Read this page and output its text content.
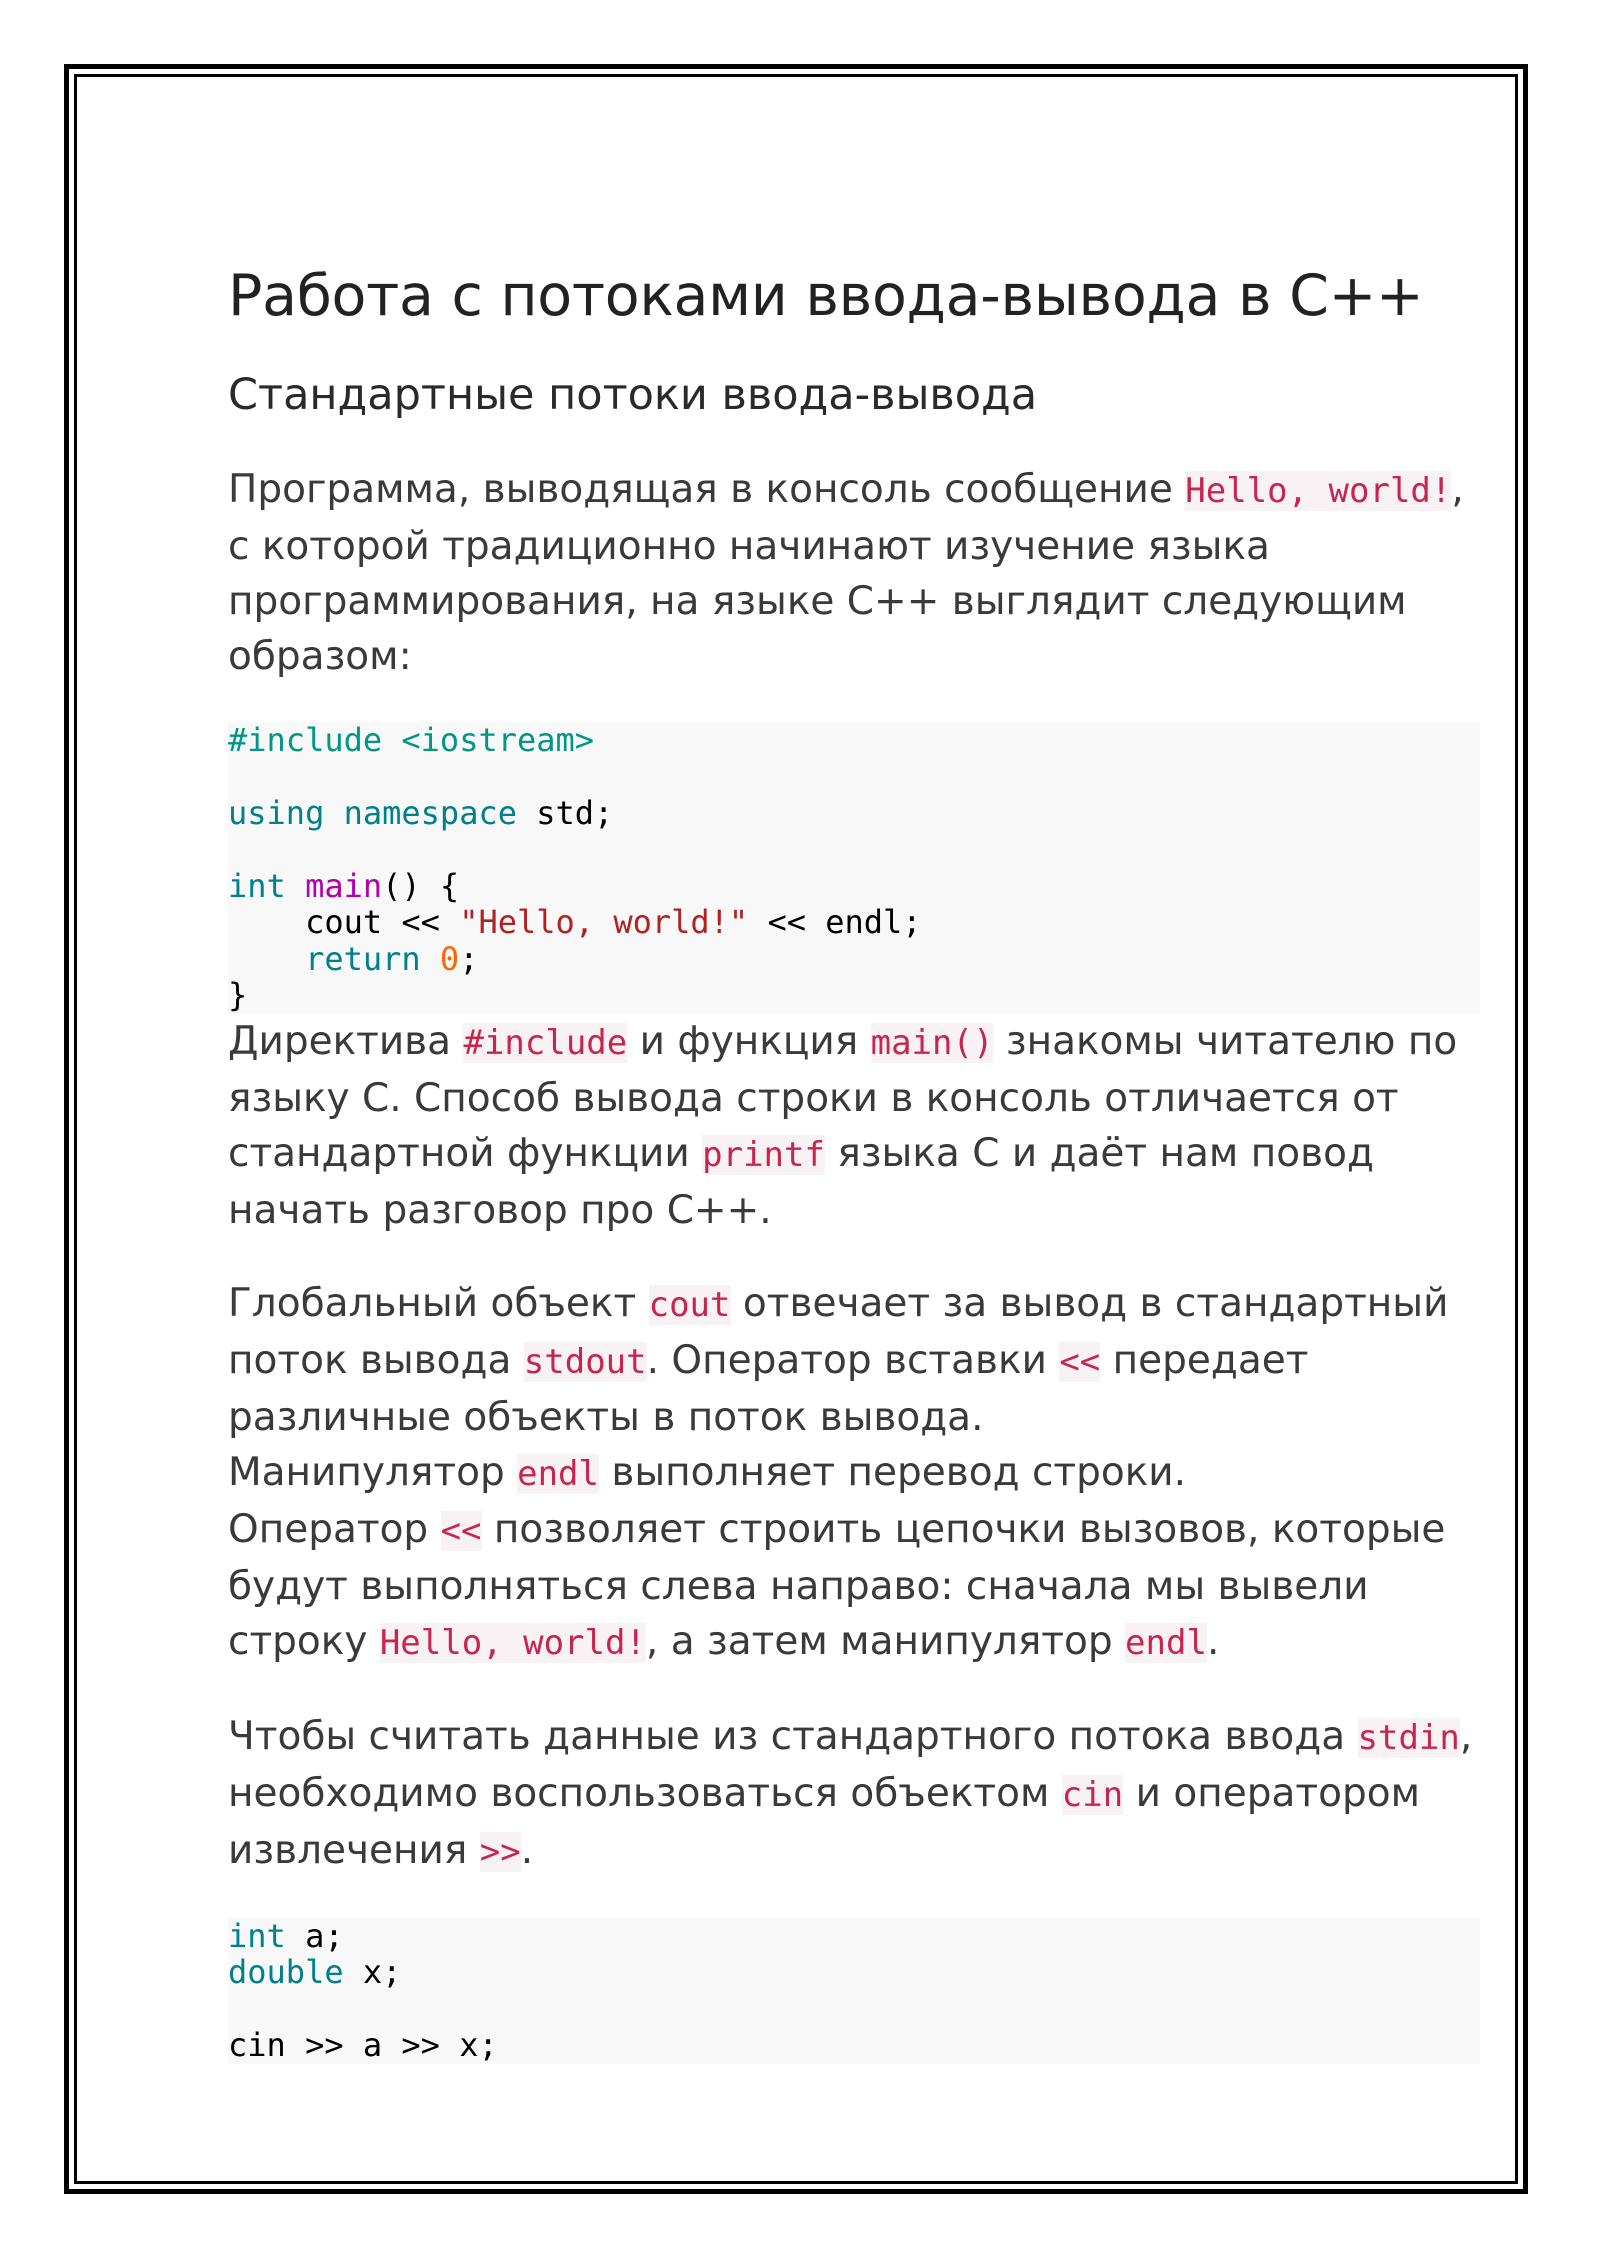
Работа с потоками ввода-вывода в C++
Стандартные потоки ввода-вывода

Программа, выводящая в консоль сообщение Hello, world!, с которой традиционно начинают изучение языка программирования, на языке C++ выглядит следующим образом:

#include <iostream>

using namespace std;

int main() {
cout << "Hello, world!" << endl;
return 0;
}

Директива #include и функция main() знакомы читателю по языку C. Способ вывода строки в консоль отличается от стандартной функции printf языка C и даёт нам повод начать разговор про C++.

Глобальный объект cout отвечает за вывод в стандартный поток вывода stdout. Оператор вставки << передает различные объекты в поток вывода.
Манипулятор endl выполняет перевод строки.
Оператор << позволяет строить цепочки вызовов, которые будут выполняться слева направо: сначала мы вывели строку Hello, world!, а затем манипулятор endl.

Чтобы считать данные из стандартного потока ввода stdin, необходимо воспользоваться объектом cin и оператором извлечения >>.

int a;
double x;

cin >> a >> x;
